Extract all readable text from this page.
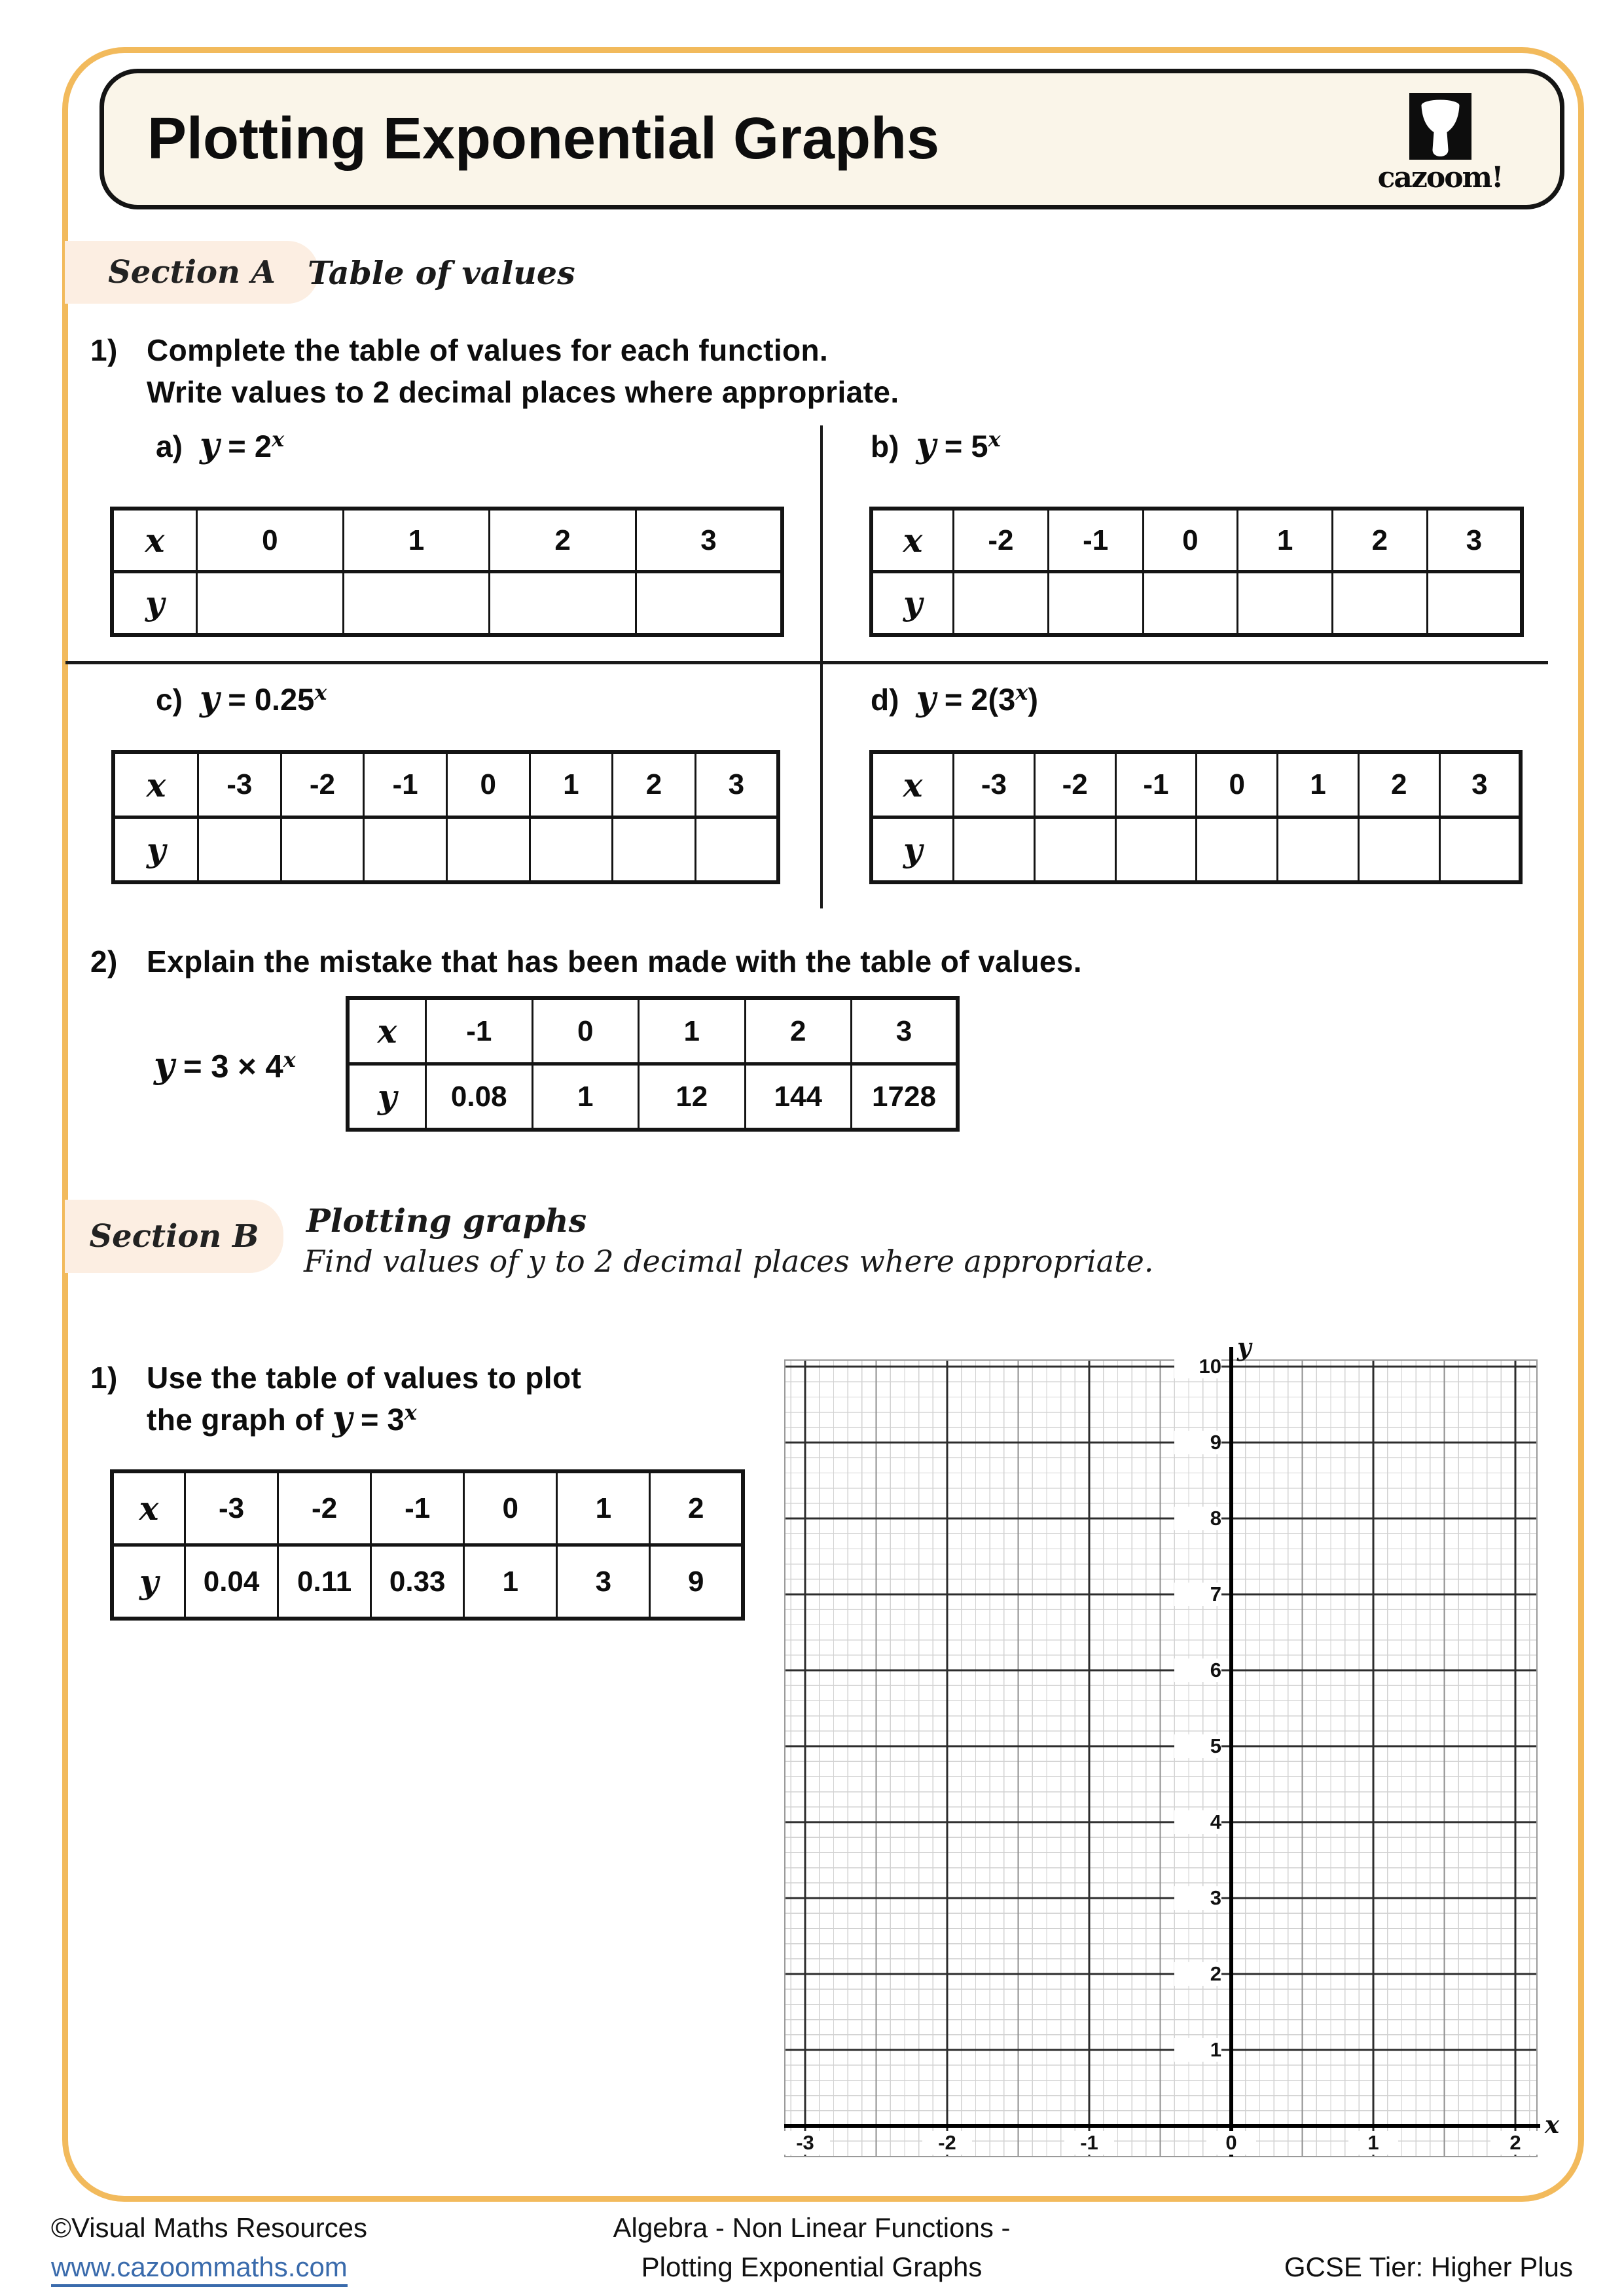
Plotting Exponential Graphs
cazoom!
Section A Table of values
1) Complete the table of values for each function.
Write values to 2 decimal places where appropriate.
a)
$y = 2^x$	b)
$y = 5^x$
x	0	1	2	3
y				
x	-2	-1	0	1	2	3
y						
c)
$y = 0.25^x$	d)
$y = 2(3^x$ )
x	-3	-2	-1	0	1	2	3
y							
x	-3	-2	-1	0	1	2	3
y							
2) Explain the mistake that has been made with the table of values.
$y = 3 \times 4^x$
x	-1	0	1	2	3
y	0.08	1	12	144	1728
Section B Plotting graphs
Find values of y to 2 decimal places where appropriate.
1) Use the table of values to plot
the graph of $y = 3^x$
x	-3	-2	-1	0	1	2
y	0.04	0.11	0.33	1	3	9
10
9
8
7
6
5
4
3
2
1
-3	-2	-1	0	1	2
y
x
©Visual Maths Resources
www.cazoommaths.com
Algebra - Non Linear Functions -
Plotting Exponential Graphs	GCSE Tier: Higher Plus
